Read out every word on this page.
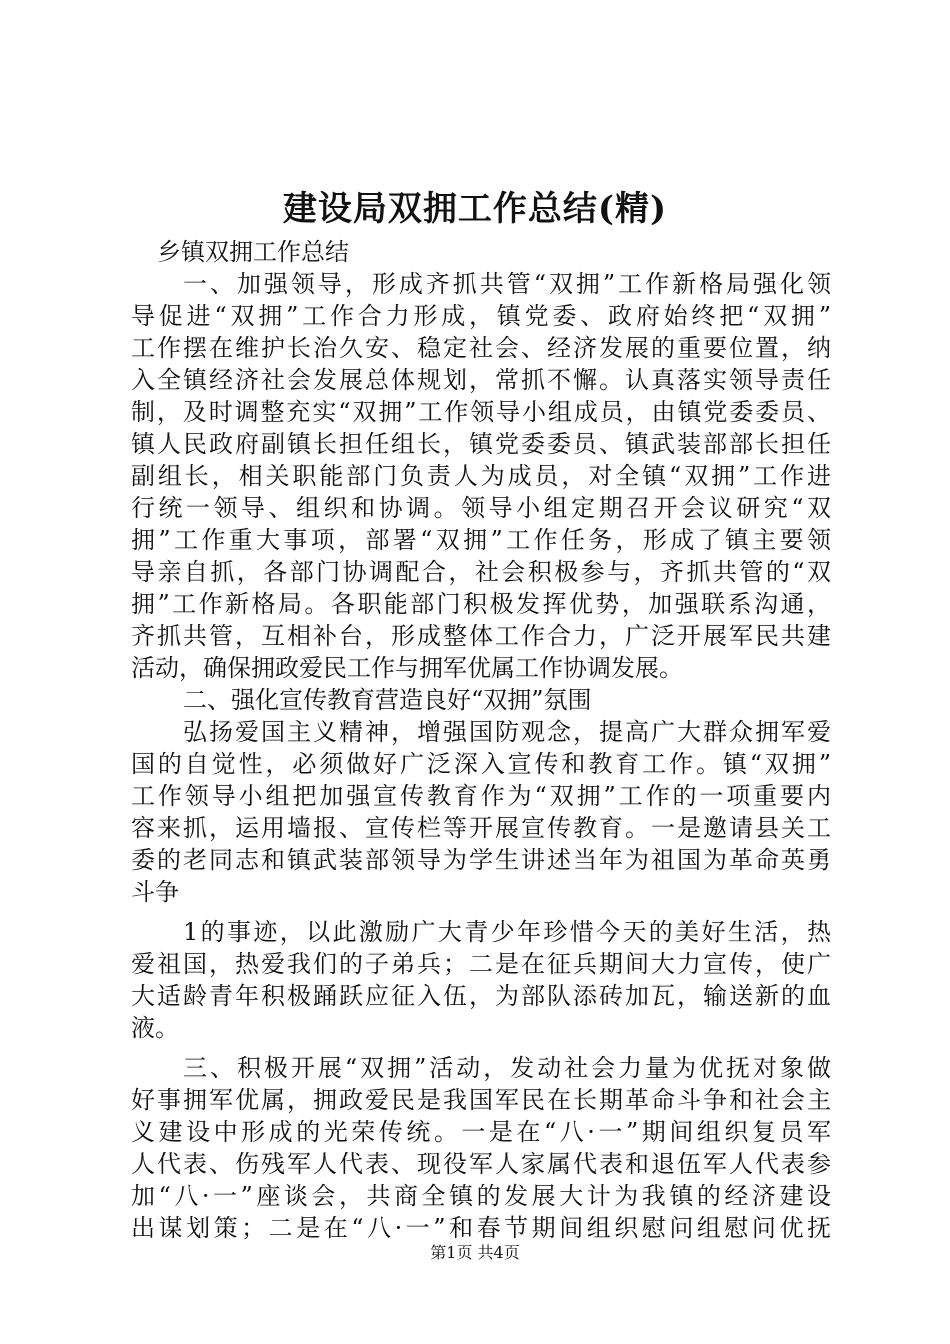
建设局双拥工作总结(精)
乡镇双拥工作总结
一、加强领导，形成齐抓共管“双拥”工作新格局强化领
导促进“双拥”工作合力形成，镇党委、政府始终把“双拥”
工作摆在维护长治久安、稳定社会、经济发展的重要位置，纳
入全镇经济社会发展总体规划，常抓不懈。认真落实领导责任
制，及时调整充实“双拥”工作领导小组成员，由镇党委委员、
镇人民政府副镇长担任组长，镇党委委员、镇武装部部长担任
副组长，相关职能部门负责人为成员，对全镇“双拥”工作进
行统一领导、组织和协调。领导小组定期召开会议研究“双
拥”工作重大事项，部署“双拥”工作任务，形成了镇主要领
导亲自抓，各部门协调配合，社会积极参与，齐抓共管的“双
拥”工作新格局。各职能部门积极发挥优势，加强联系沟通，
齐抓共管，互相补台，形成整体工作合力，广泛开展军民共建
活动，确保拥政爱民工作与拥军优属工作协调发展。
二、强化宣传教育营造良好“双拥”氛围
弘扬爱国主义精神，增强国防观念，提高广大群众拥军爱
国的自觉性，必须做好广泛深入宣传和教育工作。镇“双拥”
工作领导小组把加强宣传教育作为“双拥”工作的一项重要内
容来抓，运用墙报、宣传栏等开展宣传教育。一是邀请县关工
委的老同志和镇武装部领导为学生讲述当年为祖国为革命英勇
斗争
1的事迹，以此激励广大青少年珍惜今天的美好生活，热
爱祖国，热爱我们的子弟兵；二是在征兵期间大力宣传，使广
大适龄青年积极踊跃应征入伍，为部队添砖加瓦，输送新的血
液。
三、积极开展“双拥”活动，发动社会力量为优抚对象做
好事拥军优属，拥政爱民是我国军民在长期革命斗争和社会主
义建设中形成的光荣传统。一是在“八·一”期间组织复员军
人代表、伤残军人代表、现役军人家属代表和退伍军人代表参
加“八·一”座谈会，共商全镇的发展大计为我镇的经济建设
出谋划策；二是在“八·一”和春节期间组织慰问组慰问优抚
第1页 共4页
